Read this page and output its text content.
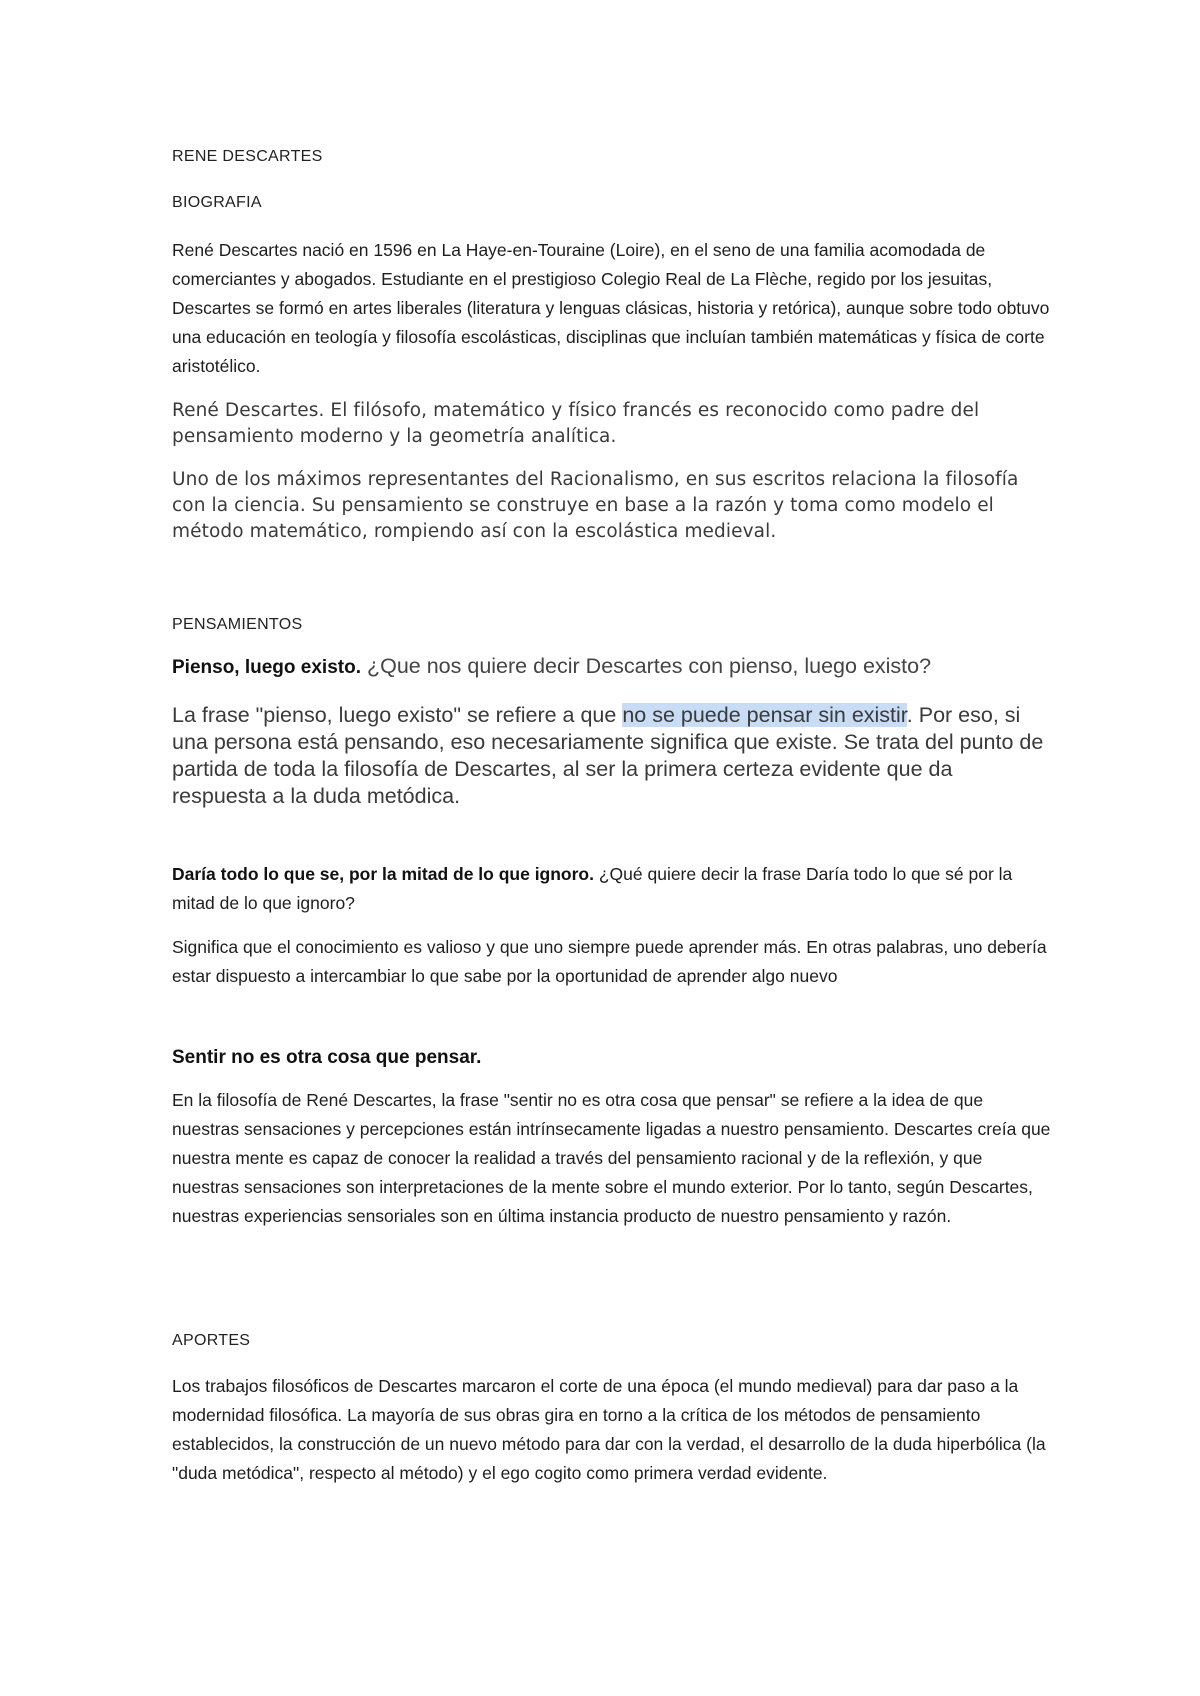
RENE DESCARTES
BIOGRAFIA

René Descartes nació en 1596 en La Haye-en-Touraine (Loire), en el seno de una familia acomodada de comerciantes y abogados. Estudiante en el prestigioso Colegio Real de La Flèche, regido por los jesuitas, Descartes se formó en artes liberales (literatura y lenguas clásicas, historia y retórica), aunque sobre todo obtuvo una educación en teología y filosofía escolásticas, disciplinas que incluían también matemáticas y física de corte aristotélico.

René Descartes. El filósofo, matemático y físico francés es reconocido como padre del pensamiento moderno y la geometría analítica.

Uno de los máximos representantes del Racionalismo, en sus escritos relaciona la filosofía con la ciencia. Su pensamiento se construye en base a la razón y toma como modelo el método matemático, rompiendo así con la escolástica medieval.

PENSAMIENTOS

Pienso, luego existo. ¿Que nos quiere decir Descartes con pienso, luego existo?

La frase "pienso, luego existo" se refiere a que no se puede pensar sin existir. Por eso, si una persona está pensando, eso necesariamente significa que existe. Se trata del punto de partida de toda la filosofía de Descartes, al ser la primera certeza evidente que da respuesta a la duda metódica.

Daría todo lo que se, por la mitad de lo que ignoro. ¿Qué quiere decir la frase Daría todo lo que sé por la mitad de lo que ignoro?

Significa que el conocimiento es valioso y que uno siempre puede aprender más. En otras palabras, uno debería estar dispuesto a intercambiar lo que sabe por la oportunidad de aprender algo nuevo

Sentir no es otra cosa que pensar.

En la filosofía de René Descartes, la frase "sentir no es otra cosa que pensar" se refiere a la idea de que nuestras sensaciones y percepciones están intrínsecamente ligadas a nuestro pensamiento. Descartes creía que nuestra mente es capaz de conocer la realidad a través del pensamiento racional y de la reflexión, y que nuestras sensaciones son interpretaciones de la mente sobre el mundo exterior. Por lo tanto, según Descartes, nuestras experiencias sensoriales son en última instancia producto de nuestro pensamiento y razón.

APORTES

Los trabajos filosóficos de Descartes marcaron el corte de una época (el mundo medieval) para dar paso a la modernidad filosófica. La mayoría de sus obras gira en torno a la crítica de los métodos de pensamiento establecidos, la construcción de un nuevo método para dar con la verdad, el desarrollo de la duda hiperbólica (la "duda metódica", respecto al método) y el ego cogito como primera verdad evidente.
